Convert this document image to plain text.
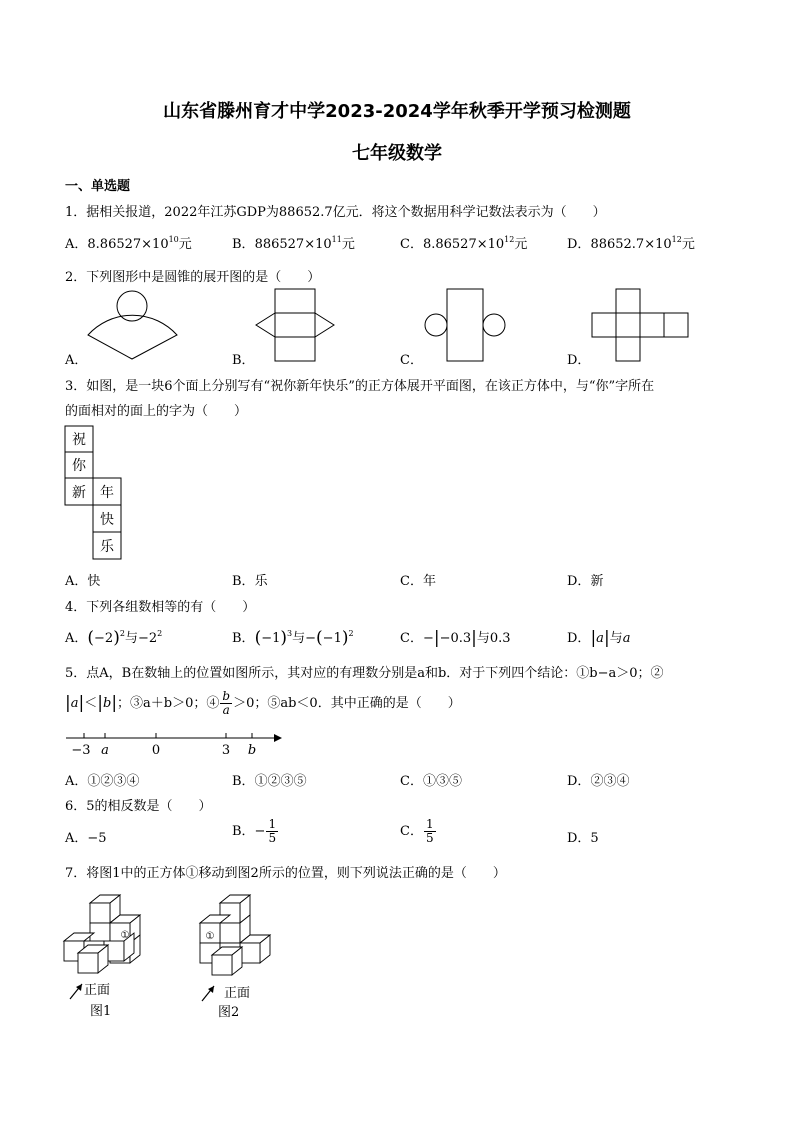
山东省滕州育才中学2023-2024学年秋季开学预习检测题
七年级数学
一、单选题
1．据相关报道，2022年江苏GDP为88652.7亿元．将这个数据用科学记数法表示为（　　）
A．$8.86527\times 10^{10}$元	B．$886527\times 10^{11}$元	C．$8.86527\times 10^{12}$元	D．$88652.7\times 10^{12}$元
2．下列图形中是圆锥的展开图的是（　　）
A．	B．	C．	D．
3．如图，是一块6个面上分别写有“祝你新年快乐”的正方体展开平面图，在该正方体中，与“你”字所在
的面相对的面上的字为（　　）
祝
你
新 年
快
乐
A．快	B．乐	C．年	D．新
4．下列各组数相等的有（　　）
A．$(-2)^2$与$-2^2$	B．$(-1)^3$与$-(-1)^2$	C．−|−0.3|与0.3	D．|a|与a
5．点A，B在数轴上的位置如图所示，其对应的有理数分别是a和b．对于下列四个结论：①b−a＞0；②
|a|＜|b|；③a＋b＞0；④ $\frac{b}{a} >0$；⑤ab＜0．其中正确的是（　　）
−3 a	0	3 b
A．①②③④	B．①②③⑤	C．①③⑤	D．②③④
6．5的相反数是（　　）
A．−5	B．− $\frac{1}{5}$	C． $\frac{1}{5}$	D．5
7．将图1中的正方体①移动到图2所示的位置，则下列说法正确的是（　　）
①
正面
图1
①
正面
图2
